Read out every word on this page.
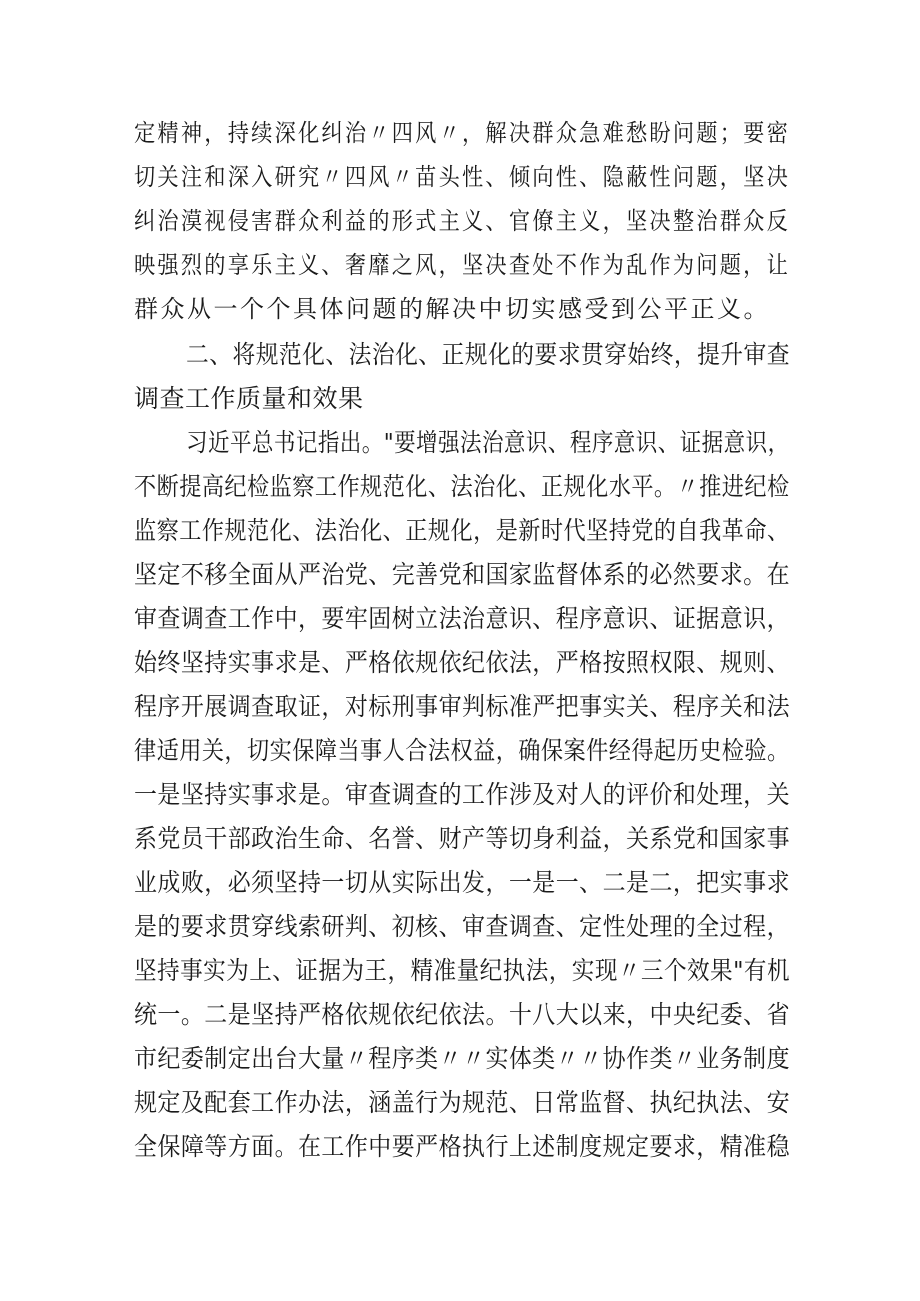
定精神，持续深化纠治〃四风〃，解决群众急难愁盼问题；要密
切关注和深入研究〃四风〃苗头性、倾向性、隐蔽性问题，坚决
纠治漠视侵害群众利益的形式主义、官僚主义，坚决整治群众反
映强烈的享乐主义、奢靡之风，坚决查处不作为乱作为问题，让
群众从一个个具体问题的解决中切实感受到公平正义。
二、将规范化、法治化、正规化的要求贯穿始终，提升审查
调查工作质量和效果
习近平总书记指出。"要增强法治意识、程序意识、证据意识，
不断提高纪检监察工作规范化、法治化、正规化水平。〃推进纪检
监察工作规范化、法治化、正规化，是新时代坚持党的自我革命、
坚定不移全面从严治党、完善党和国家监督体系的必然要求。在
审查调查工作中，要牢固树立法治意识、程序意识、证据意识，
始终坚持实事求是、严格依规依纪依法，严格按照权限、规则、
程序开展调查取证，对标刑事审判标准严把事实关、程序关和法
律适用关，切实保障当事人合法权益，确保案件经得起历史检验。
一是坚持实事求是。审查调查的工作涉及对人的评价和处理，关
系党员干部政治生命、名誉、财产等切身利益，关系党和国家事
业成败，必须坚持一切从实际出发，一是一、二是二，把实事求
是的要求贯穿线索研判、初核、审查调查、定性处理的全过程，
坚持事实为上、证据为王，精准量纪执法，实现〃三个效果"有机
统一。二是坚持严格依规依纪依法。十八大以来，中央纪委、省
市纪委制定出台大量〃程序类〃〃实体类〃〃协作类〃业务制度
规定及配套工作办法，涵盖行为规范、日常监督、执纪执法、安
全保障等方面。在工作中要严格执行上述制度规定要求，精准稳
